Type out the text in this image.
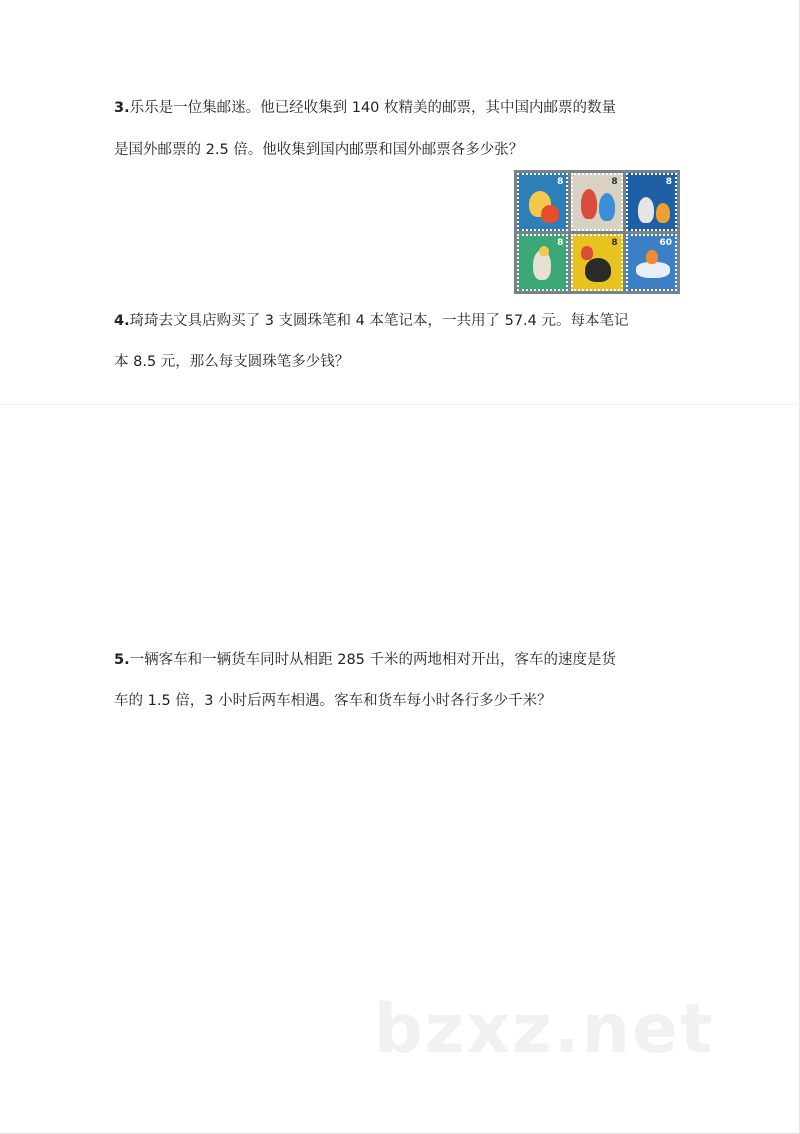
3.乐乐是一位集邮迷。他已经收集到 140 枚精美的邮票，其中国内邮票的数量
是国外邮票的 2.5 倍。他收集到国内邮票和国外邮票各多少张？
8	8	8
8	8	60
4.琦琦去文具店购买了 3 支圆珠笔和 4 本笔记本，一共用了 57.4 元。每本笔记
本 8.5 元，那么每支圆珠笔多少钱？
5.一辆客车和一辆货车同时从相距 285 千米的两地相对开出，客车的速度是货
车的 1.5 倍，3 小时后两车相遇。客车和货车每小时各行多少千米？
bzxz.net
